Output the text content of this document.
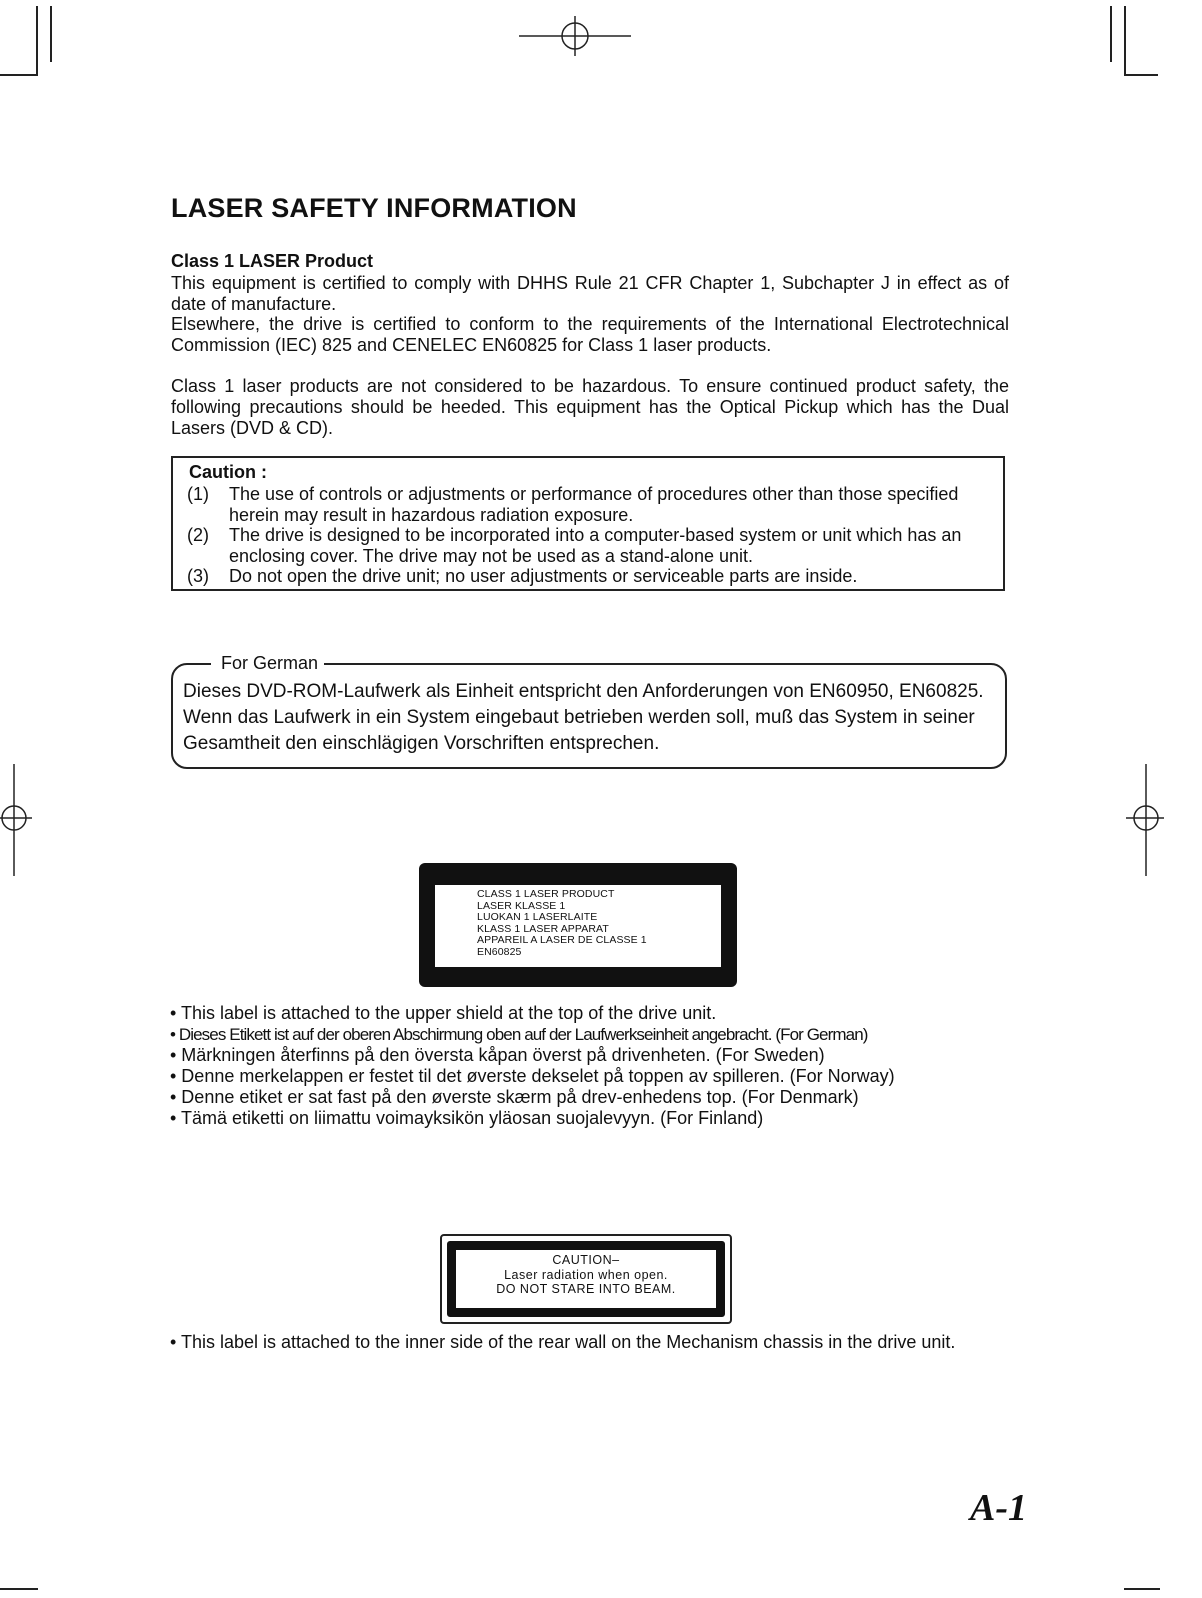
LASER SAFETY INFORMATION
Class 1 LASER Product

This equipment is certified to comply with DHHS Rule 21 CFR Chapter 1, Subchapter J in effect as of date of manufacture.

Elsewhere, the drive is certified to conform to the requirements of the International Electrotechnical Commission (IEC) 825 and CENELEC EN60825 for Class 1 laser products.

Class 1 laser products are not considered to be hazardous. To ensure continued product safety, the following precautions should be heeded. This equipment has the Optical Pickup which has the Dual Lasers (DVD & CD).

Caution :
(1)	The use of controls or adjustments or performance of procedures other than those specified herein may result in hazardous radiation exposure.
(2)	The drive is designed to be incorporated into a computer-based system or unit which has an enclosing cover. The drive may not be used as a stand-alone unit.
(3)	Do not open the drive unit; no user adjustments or serviceable parts are inside.
For German

Dieses DVD-ROM-Laufwerk als Einheit entspricht den Anforderungen von EN60950, EN60825. Wenn das Laufwerk in ein System eingebaut betrieben werden soll, muß das System in seiner Gesamtheit den einschlägigen Vorschriften entsprechen.

CLASS 1 LASER PRODUCT
LASER KLASSE 1
LUOKAN 1 LASERLAITE
KLASS 1 LASER APPARAT
APPAREIL A LASER DE CLASSE 1
EN60825
• This label is attached to the upper shield at the top of the drive unit.
• Dieses Etikett ist auf der oberen Abschirmung oben auf der Laufwerkseinheit angebracht. (For German)
• Märkningen återfinns på den översta kåpan överst på drivenheten. (For Sweden)
• Denne merkelappen er festet til det øverste dekselet på toppen av spilleren. (For Norway)
• Denne etiket er sat fast på den øverste skærm på drev-enhedens top. (For Denmark)
• Tämä etiketti on liimattu voimayksikön yläosan suojalevyyn. (For Finland)
CAUTION–
Laser radiation when open.
DO NOT STARE INTO BEAM.

• This label is attached to the inner side of the rear wall on the Mechanism chassis in the drive unit.

A-1
